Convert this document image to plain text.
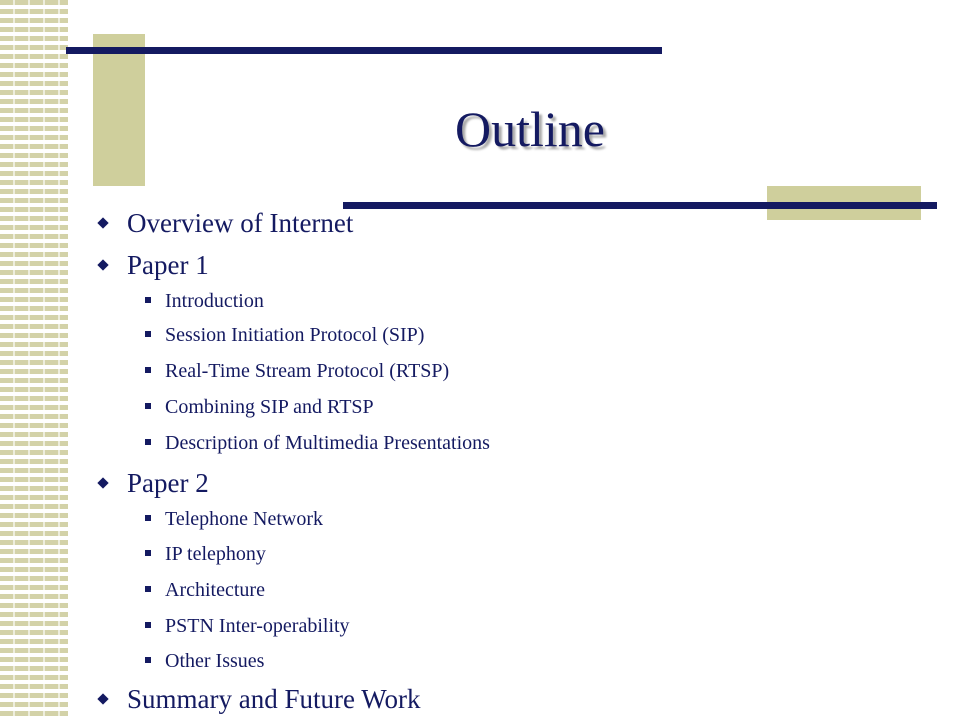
Outline
Overview of Internet
Paper 1
Introduction
Session Initiation Protocol (SIP)
Real-Time Stream Protocol (RTSP)
Combining SIP and RTSP
Description of Multimedia Presentations
Paper 2
Telephone Network
IP telephony
Architecture
PSTN Inter-operability
Other Issues
Summary and Future Work
